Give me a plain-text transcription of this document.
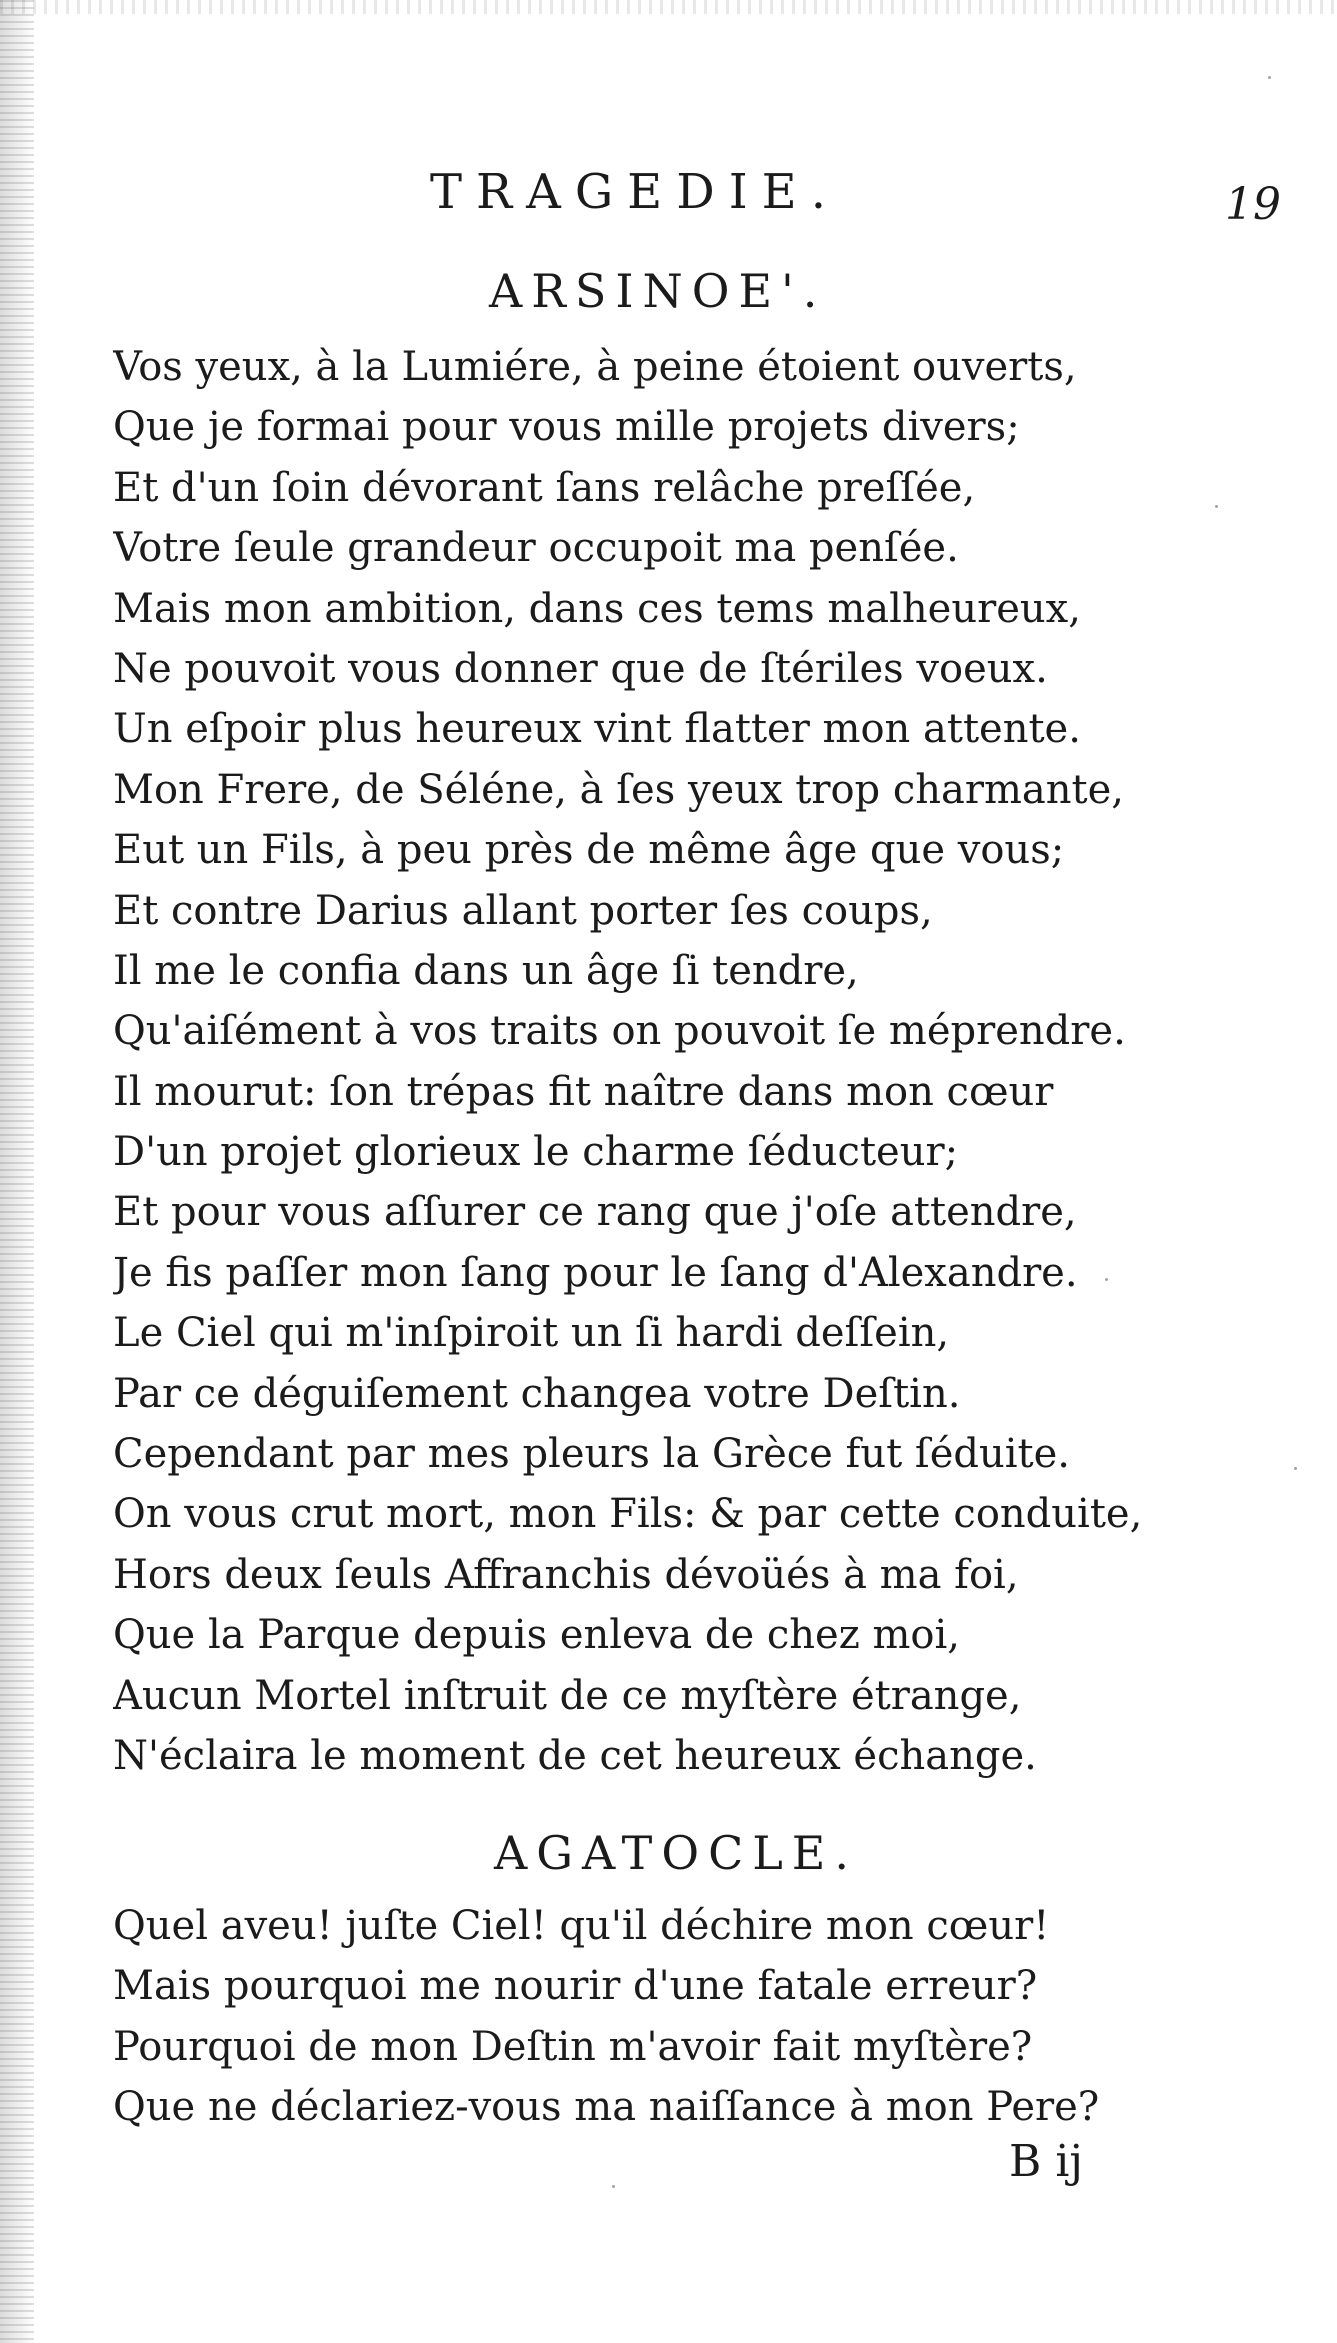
TRAGEDIE.	19
ARSINOE'.
Vos yeux, à la Lumiére, à peine étoient ouverts,
Que je formai pour vous mille projets divers;
Et d'un ſoin dévorant ſans relâche preſſée,
Votre ſeule grandeur occupoit ma penſée.
Mais mon ambition, dans ces tems malheureux,
Ne pouvoit vous donner que de ſtériles voeux.
Un eſpoir plus heureux vint flatter mon attente.
Mon Frere, de Séléne, à ſes yeux trop charmante,
Eut un Fils, à peu près de même âge que vous;
Et contre Darius allant porter ſes coups,
Il me le confia dans un âge ſi tendre,
Qu'aiſément à vos traits on pouvoit ſe méprendre.
Il mourut: ſon trépas fit naître dans mon cœur
D'un projet glorieux le charme ſéducteur;
Et pour vous aſſurer ce rang que j'oſe attendre,
Je fis paſſer mon ſang pour le ſang d'Alexandre.
Le Ciel qui m'inſpiroit un ſi hardi deſſein,
Par ce déguiſement changea votre Deſtin.
Cependant par mes pleurs la Grèce fut ſéduite.
On vous crut mort, mon Fils: & par cette conduite,
Hors deux ſeuls Affranchis dévoüés à ma foi,
Que la Parque depuis enleva de chez moi,
Aucun Mortel inſtruit de ce myſtère étrange,
N'éclaira le moment de cet heureux échange.
AGATOCLE.
Quel aveu! juſte Ciel! qu'il déchire mon cœur!
Mais pourquoi me nourir d'une fatale erreur?
Pourquoi de mon Deſtin m'avoir fait myſtère?
Que ne déclariez-vous ma naiſſance à mon Pere?
B ij
